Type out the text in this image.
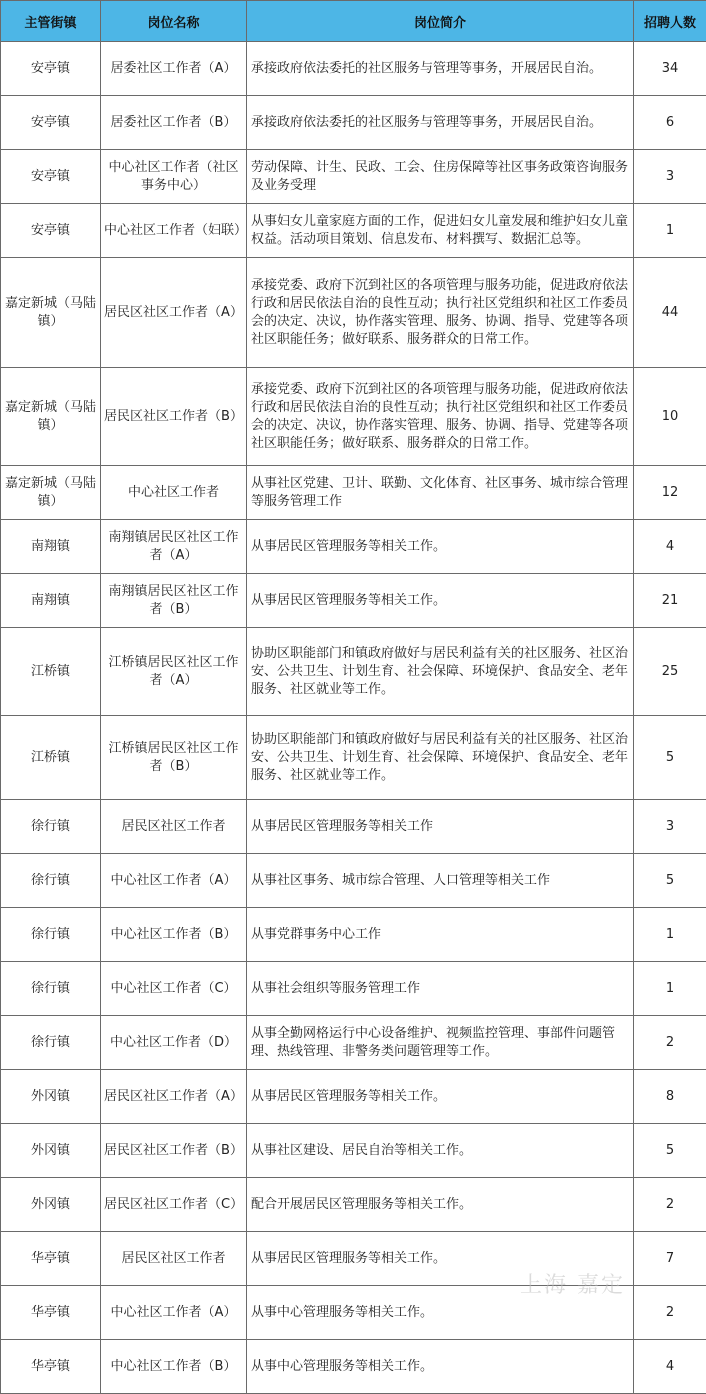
主管街镇	岗位名称	岗位简介	招聘人数
安亭镇	居委社区工作者（A）	承接政府依法委托的社区服务与管理等事务，开展居民自治。	34
安亭镇	居委社区工作者（B）	承接政府依法委托的社区服务与管理等事务，开展居民自治。	6
安亭镇	中心社区工作者（社区事务中心）	劳动保障、计生、民政、工会、住房保障等社区事务政策咨询服务及业务受理	3
安亭镇	中心社区工作者（妇联）	从事妇女儿童家庭方面的工作，促进妇女儿童发展和维护妇女儿童权益。活动项目策划、信息发布、材料撰写、数据汇总等。	1
嘉定新城（马陆镇）	居民区社区工作者（A）	承接党委、政府下沉到社区的各项管理与服务功能，促进政府依法行政和居民依法自治的良性互动；执行社区党组织和社区工作委员会的决定、决议，协作落实管理、服务、协调、指导、党建等各项社区职能任务；做好联系、服务群众的日常工作。	44
嘉定新城（马陆镇）	居民区社区工作者（B）	承接党委、政府下沉到社区的各项管理与服务功能，促进政府依法行政和居民依法自治的良性互动；执行社区党组织和社区工作委员会的决定、决议，协作落实管理、服务、协调、指导、党建等各项社区职能任务；做好联系、服务群众的日常工作。	10
嘉定新城（马陆镇）	中心社区工作者	从事社区党建、卫计、联勤、文化体育、社区事务、城市综合管理等服务管理工作	12
南翔镇	南翔镇居民区社区工作者（A）	从事居民区管理服务等相关工作。	4
南翔镇	南翔镇居民区社区工作者（B）	从事居民区管理服务等相关工作。	21
江桥镇	江桥镇居民区社区工作者（A）	协助区职能部门和镇政府做好与居民利益有关的社区服务、社区治安、公共卫生、计划生育、社会保障、环境保护、食品安全、老年服务、社区就业等工作。	25
江桥镇	江桥镇居民区社区工作者（B）	协助区职能部门和镇政府做好与居民利益有关的社区服务、社区治安、公共卫生、计划生育、社会保障、环境保护、食品安全、老年服务、社区就业等工作。	5
徐行镇	居民区社区工作者	从事居民区管理服务等相关工作	3
徐行镇	中心社区工作者（A）	从事社区事务、城市综合管理、人口管理等相关工作	5
徐行镇	中心社区工作者（B）	从事党群事务中心工作	1
徐行镇	中心社区工作者（C）	从事社会组织等服务管理工作	1
徐行镇	中心社区工作者（D）	从事全勤网格运行中心设备维护、视频监控管理、事部件问题管理、热线管理、非警务类问题管理等工作。	2
外冈镇	居民区社区工作者（A）	从事居民区管理服务等相关工作。	8
外冈镇	居民区社区工作者（B）	从事社区建设、居民自治等相关工作。	5
外冈镇	居民区社区工作者（C）	配合开展居民区管理服务等相关工作。	2
华亭镇	居民区社区工作者	从事居民区管理服务等相关工作。	7
华亭镇	中心社区工作者（A）	从事中心管理服务等相关工作。	2
华亭镇	中心社区工作者（B）	从事中心管理服务等相关工作。	4
上海 嘉定
